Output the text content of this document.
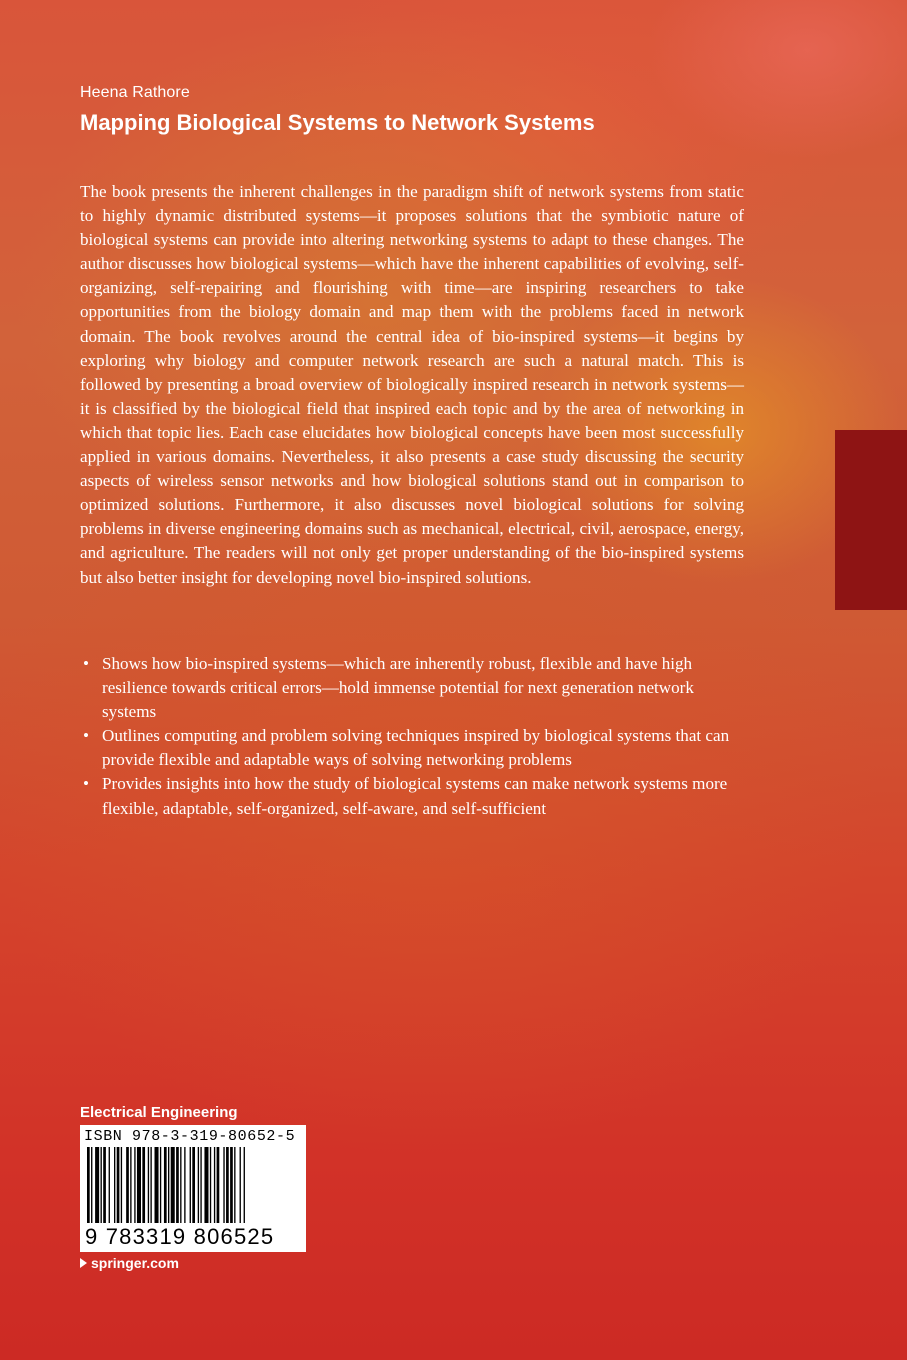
Heena Rathore
Mapping Biological Systems to Network Systems

The book presents the inherent challenges in the paradigm shift of network systems from static to highly dynamic distributed systems—it proposes solutions that the symbiotic nature of biological systems can provide into altering networking systems to adapt to these changes. The author discusses how biological systems—which have the inherent capabilities of evolving, self-organizing, self-repairing and flourishing with time—are inspiring researchers to take opportunities from the biology domain and map them with the problems faced in network domain. The book revolves around the central idea of bio-inspired systems—it begins by exploring why biology and computer network research are such a natural match. This is followed by presenting a broad overview of biologically inspired research in network systems—it is classified by the biological field that inspired each topic and by the area of networking in which that topic lies. Each case elucidates how biological concepts have been most successfully applied in various domains. Nevertheless, it also presents a case study discussing the security aspects of wireless sensor networks and how biological solutions stand out in comparison to optimized solutions. Furthermore, it also discusses novel biological solutions for solving problems in diverse engineering domains such as mechanical, electrical, civil, aerospace, energy, and agriculture. The readers will not only get proper understanding of the bio-inspired systems but also better insight for developing novel bio-inspired solutions.

• Shows how bio-inspired systems—which are inherently robust, flexible and have high resilience towards critical errors—hold immense potential for next generation network systems
• Outlines computing and problem solving techniques inspired by biological systems that can provide flexible and adaptable ways of solving networking problems
• Provides insights into how the study of biological systems can make network systems more flexible, adaptable, self-organized, self-aware, and self-sufficient
Electrical Engineering
ISBN 978-3-319-80652-5
9 783319 806525
springer.com
